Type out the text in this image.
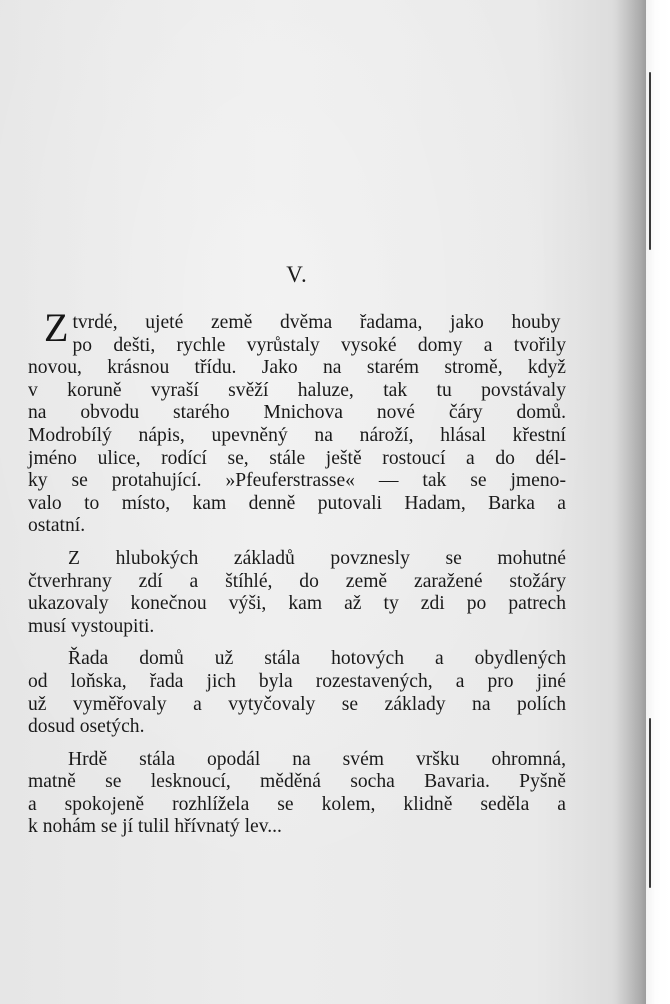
V.
Z tvrdé, ujeté země dvěma řadama, jako houby
po dešti, rychle vyrůstaly vysoké domy a tvořily
novou, krásnou třídu. Jako na starém stromě, když
v koruně vyraší svěží haluze, tak tu povstávaly
na obvodu starého Mnichova nové čáry domů.
Modrobílý nápis, upevněný na nároží, hlásal křestní
jméno ulice, rodící se, stále ještě rostoucí a do dél-
ky se protahující. »Pfeuferstrasse« — tak se jmeno-
valo to místo, kam denně putovali Hadam, Barka a
ostatní.
Z hlubokých základů povznesly se mohutné
čtverhrany zdí a štíhlé, do země zaražené stožáry
ukazovaly konečnou výši, kam až ty zdi po patrech
musí vystoupiti.
Řada domů už stála hotových a obydlených
od loňska, řada jich byla rozestavených, a pro jiné
už vyměřovaly a vytyčovaly se základy na polích
dosud osetých.
Hrdě stála opodál na svém vršku ohromná,
matně se lesknoucí, měděná socha Bavaria. Pyšně
a spokojeně rozhlížela se kolem, klidně seděla a
k nohám se jí tulil hřívnatý lev...
